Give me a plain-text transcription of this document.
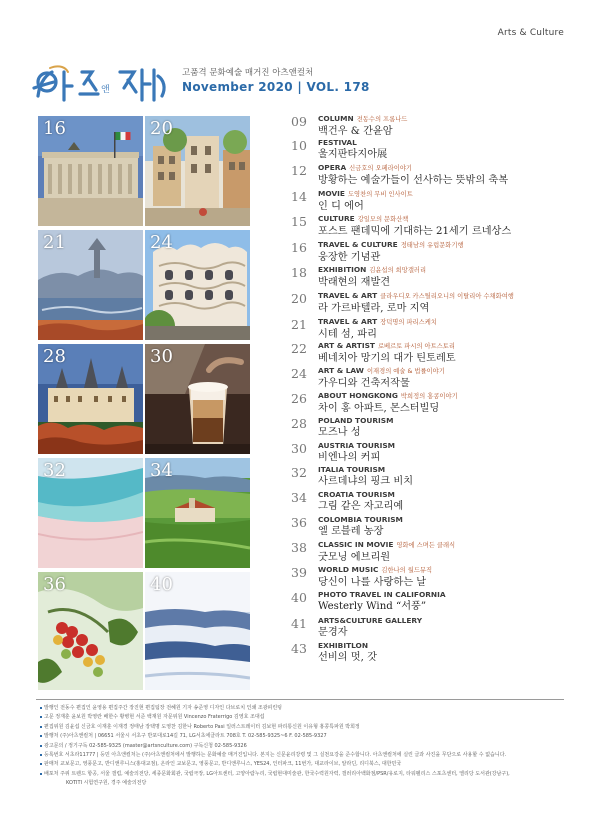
Arts & Culture
앤
고품격 문화예술 매거진 아츠앤컬처
November 2020 | VOL. 178
16	20
21	24
28	30
32	34
36	40
09 COLUMN 전동수의 프롬나드
백건우 & 간윤암
10 FESTIVAL
울지판타지아展
12 OPERA 신금호의 오페라이야기
방황하는 예술가들이 선사하는 뜻밖의 축복
14 MOVIE 도영찬의 무비 인사이트
인 디 에어
15 CULTURE 강일모의 문화산책
포스트 팬데믹에 기대하는 21세기 르네상스
16 TRAVEL & CULTURE 정태남의 유럽문화기행
웅장한 기념관
18 EXHIBITION 김윤섭의 희망갤러리
박래현의 재발견
20 TRAVEL & ART 클라우디오 카스틸리오니의 이탈리아 수채화여행
라 가르바텔라, 로마 지역
21 TRAVEL & ART 장덕명의 파리스케치
시테 섬, 파리
22 ART & ARTIST 로베르토 파시의 아트스토리
베네치아 망기의 대가 틴토레토
24 ART & LAW 이재경의 예술 & 법률이야기
가우디와 건축저작물
26 ABOUT HONGKONG 박희정의 홍콩이야기
차이 홍 아파트, 몬스터빌딩
28 POLAND TOURISM
모즈나 성
30 AUSTRIA TOURISM
비엔나의 커피
32 ITALIA TOURISM
사르데냐의 핑크 비치
34 CROATIA TOURISM
그림 같은 자고리예
36 COLOMBIA TOURISM
엘 로블레 농장
38 CLASSIC IN MOVIE 영화에 스며든 클래식
굿모닝 에브리원
39 WORLD MUSIC 김한나의 월드뮤직
당신이 나를 사랑하는 날
40 PHOTO TRAVEL IN CALIFORNIA
Westerly Wind “서풍”
41 ARTS&CULTURE GALLERY
문경자
43 EXHIBITLON
선비의 멋, 갓
발행인 전동수 편집인 윤영용 편집주간 장진현 편집팀장 전혜원 기자 송준영 디자인 다브로치 인쇄 조광피린팅
고문 정재훈 윤보원 박영란 배한수 황병현 서준 백재원 자문위원 Vincenzo Fraterrigo 김영호 조대섭
편집위원 김윤섭 신금호 이재훈 이재경 정태남 장택명 도영찬 김한나 Roberto Pasi 일러스트레이터 김보현 파리통신원 이유형 홍콩특파원 박희정
발행처 (주)아츠앤컬처 | 06651 서울시 서초구 반포대로14길 71, LG서초에클라트 708호 T. 02-585-9325~6 F. 02-585-9327
광고문의 / 정기구독 02-585-9325 (master@artsnculture.com) 구독신청 02-585-9326
등록번호 서초라11777 | 등민 아츠앤컬처는 (주)아츠앤컬처에서 발행하는 문화예술 매거진입니다. 본지는 신문윤리강령 및 그 실천요강을 준수합니다. 아츠앤컬처에 실린 글과 사진을 무단으로 사용할 수 없습니다.
판매처 교보문고, 영풍문고, 반디앤루니스(홍대교점), 온라인 교보문고, 영풍문고, 반디앤루니스, YES24, 인터파크, 11번가, 대교라이브, 알라딘, 리디북스, 대한민국
배포처 주위 트렌드 항공, 서울 갤럽, 예술의전당, 세종문화회관, 국립극장, LG아트센터, 고양아람누리, 국립현대미술관, 한국수력원자력, 갤러리아백화점/PSR/유로지, 타워펠리스 스포츠센터, 엘리당 도서관(강남구),
KOTITI 시험연구원, 경주 예술의전당
